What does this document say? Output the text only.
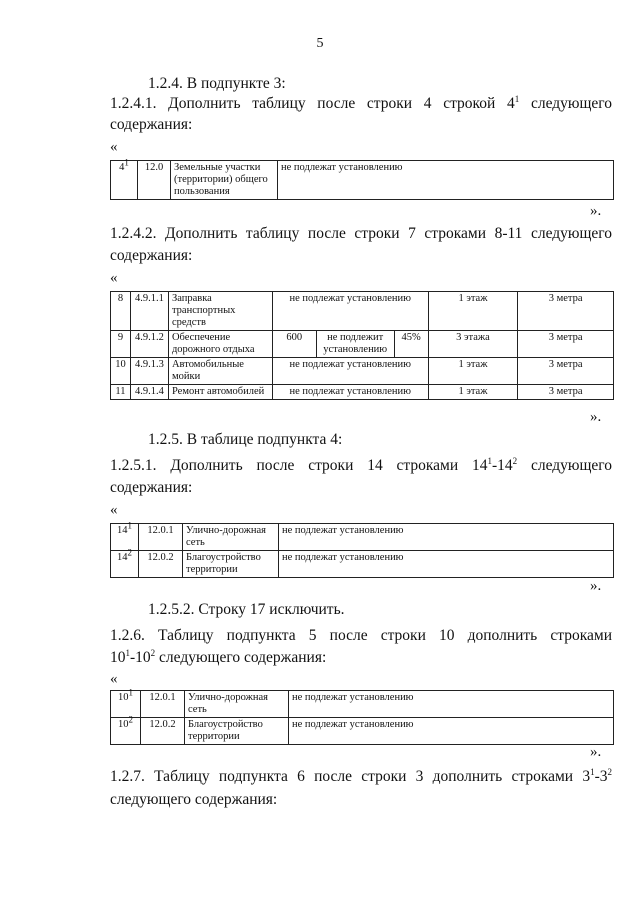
5
1.2.4. В подпункте 3:
1.2.4.1. Дополнить таблицу после строки 4 строкой $4^1$ следующего
содержания:
«
$4^1$	12.0	Земельные участки (территории) общего пользования	не подлежат установлению
».
1.2.4.2. Дополнить таблицу после строки 7 строками 8-11 следующего
содержания:
«
8	4.9.1.1	Заправка транспортных средств	не подлежат установлению			1 этаж	3 метра
9	4.9.1.2	Обеспечение дорожного отдыха	600	не подлежит установлению	45%	3 этажа	3 метра
10	4.9.1.3	Автомобильные мойки	не подлежат установлению			1 этаж	3 метра
11	4.9.1.4	Ремонт автомобилей	не подлежат установлению			1 этаж	3 метра
».
1.2.5. В таблице подпункта 4:
1.2.5.1. Дополнить после строки 14 строками $14^1-14^2$ следующего
содержания:
«
$14^1$	12.0.1	Улично-дорожная сеть	не подлежат установлению
$14^2$	12.0.2	Благоустройство территории	не подлежат установлению
».
1.2.5.2. Строку 17 исключить.
1.2.6. Таблицу подпункта 5 после строки 10 дополнить строками
$10^1-10^2$ следующего содержания:
«
$10^1$	12.0.1	Улично-дорожная сеть	не подлежат установлению
$10^2$	12.0.2	Благоустройство территории	не подлежат установлению
».
1.2.7. Таблицу подпункта 6 после строки 3 дополнить строками $3^1-3^2$
следующего содержания:
